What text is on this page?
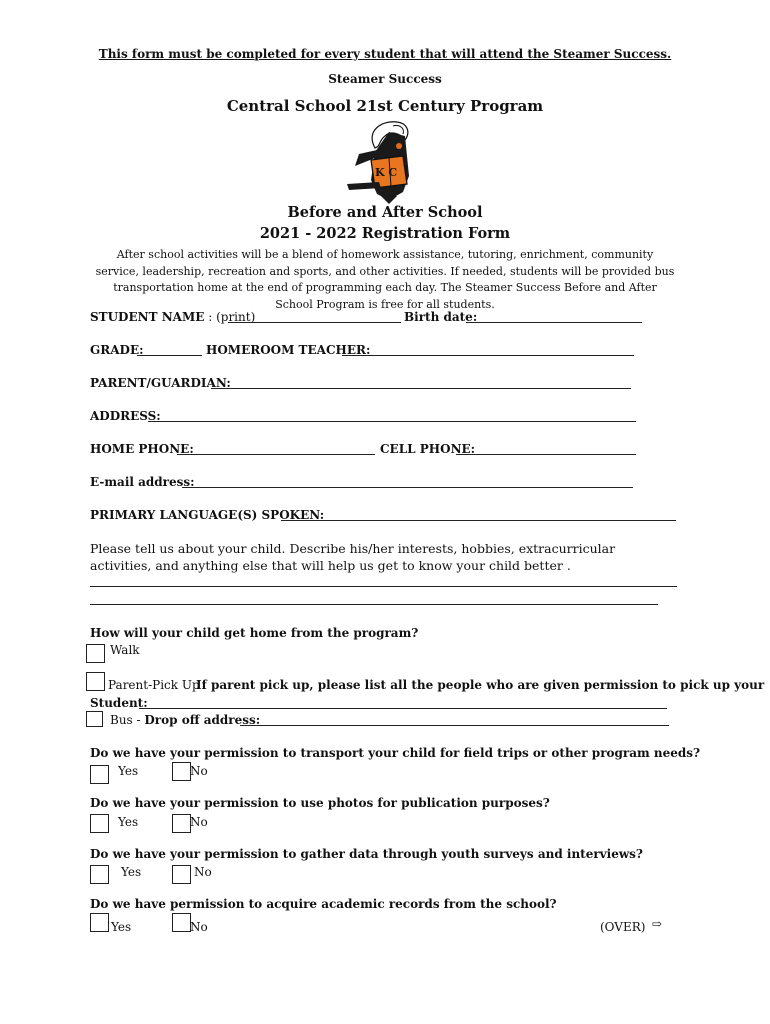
This form must be completed for every student that will attend the Steamer Success.
Steamer Success
Central School 21st Century Program
K C
Before and After School
2021 - 2022 Registration Form
After school activities will be a blend of homework assistance, tutoring, enrichment, community service, leadership, recreation and sports, and other activities. If needed, students will be provided bus transportation home at the end of programming each day. The Steamer Success Before and After School Program is free for all students.
STUDENT NAME : (print)	Birth date:
GRADE:	HOMEROOM TEACHER:
PARENT/GUARDIAN:
ADDRESS:
HOME PHONE:	CELL PHONE:
E-mail address:
PRIMARY LANGUAGE(S) SPOKEN:
Please tell us about your child. Describe his/her interests, hobbies, extracurricular activities, and anything else that will help us get to know your child better .
How will your child get home from the program?
Walk
Parent-Pick Up
If parent pick up, please list all the people who are given permission to pick up your
Student:
Bus - Drop off address:
Do we have your permission to transport your child for field trips or other program needs?
Yes	No
Do we have your permission to use photos for publication purposes?
Yes	No
Do we have your permission to gather data through youth surveys and interviews?
Yes	No
Do we have permission to acquire academic records from the school?
Yes	No	(OVER) ⇨
